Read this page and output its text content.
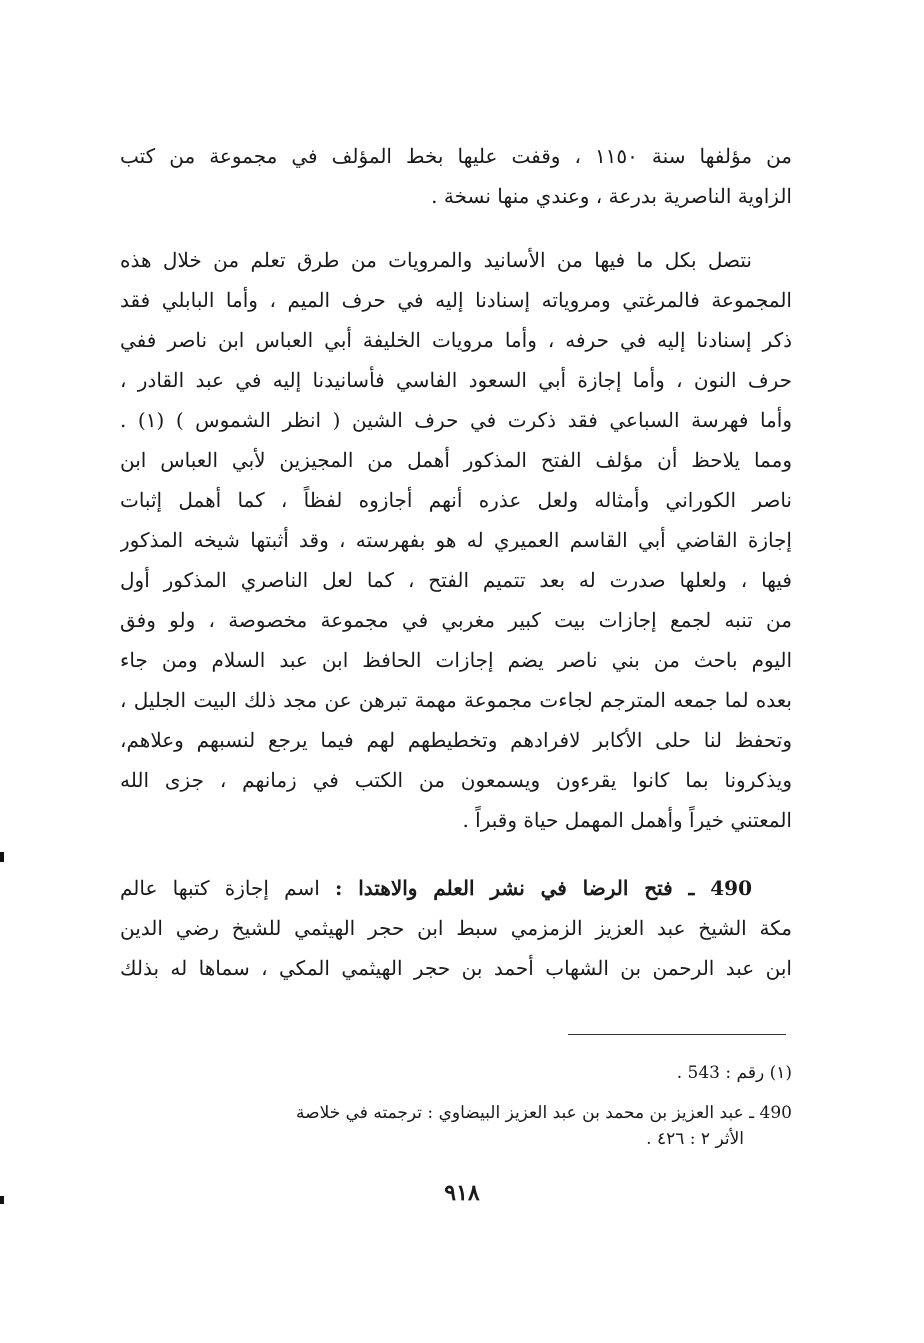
من مؤلفها سنة ١١٥٠ ، وقفت عليها بخط المؤلف في مجموعة من كتب
الزاوية الناصرية بدرعة ، وعندي منها نسخة .
نتصل بكل ما فيها من الأسانيد والمرويات من طرق تعلم من خلال هذه
المجموعة فالمرغتي ومروياته إسنادنا إليه في حرف الميم ، وأما البابلي فقد
ذكر إسنادنا إليه في حرفه ، وأما مرويات الخليفة أبي العباس ابن ناصر ففي
حرف النون ، وأما إجازة أبي السعود الفاسي فأسانيدنا إليه في عبد القادر ،
وأما فهرسة السباعي فقد ذكرت في حرف الشين ( انظر الشموس ) (١) .
ومما يلاحظ أن مؤلف الفتح المذكور أهمل من المجيزين لأبي العباس ابن
ناصر الكوراني وأمثاله ولعل عذره أنهم أجازوه لفظاً ، كما أهمل إثبات
إجازة القاضي أبي القاسم العميري له هو بفهرسته ، وقد أثبتها شيخه المذكور
فيها ، ولعلها صدرت له بعد تتميم الفتح ، كما لعل الناصري المذكور أول
من تنبه لجمع إجازات بيت كبير مغربي في مجموعة مخصوصة ، ولو وفق
اليوم باحث من بني ناصر يضم إجازات الحافظ ابن عبد السلام ومن جاء
بعده لما جمعه المترجم لجاءت مجموعة مهمة تبرهن عن مجد ذلك البيت الجليل ،
وتحفظ لنا حلى الأكابر لافرادهم وتخطيطهم لهم فيما يرجع لنسبهم وعلاهم،
ويذكرونا بما كانوا يقرءون ويسمعون من الكتب في زمانهم ، جزى الله
المعتني خيراً وأهمل المهمل حياة وقبراً .
490 ـ فتح الرضا في نشر العلم والاهتدا : اسم إجازة كتبها عالم
مكة الشيخ عبد العزيز الزمزمي سبط ابن حجر الهيثمي للشيخ رضي الدين
ابن عبد الرحمن بن الشهاب أحمد بن حجر الهيثمي المكي ، سماها له بذلك
(١) رقم : 543 .
490 ـ عبد العزيز بن محمد بن عبد العزيز البيضاوي : ترجمته في خلاصة
الأثر ٢ : ٤٢٦ .
٩١٨
